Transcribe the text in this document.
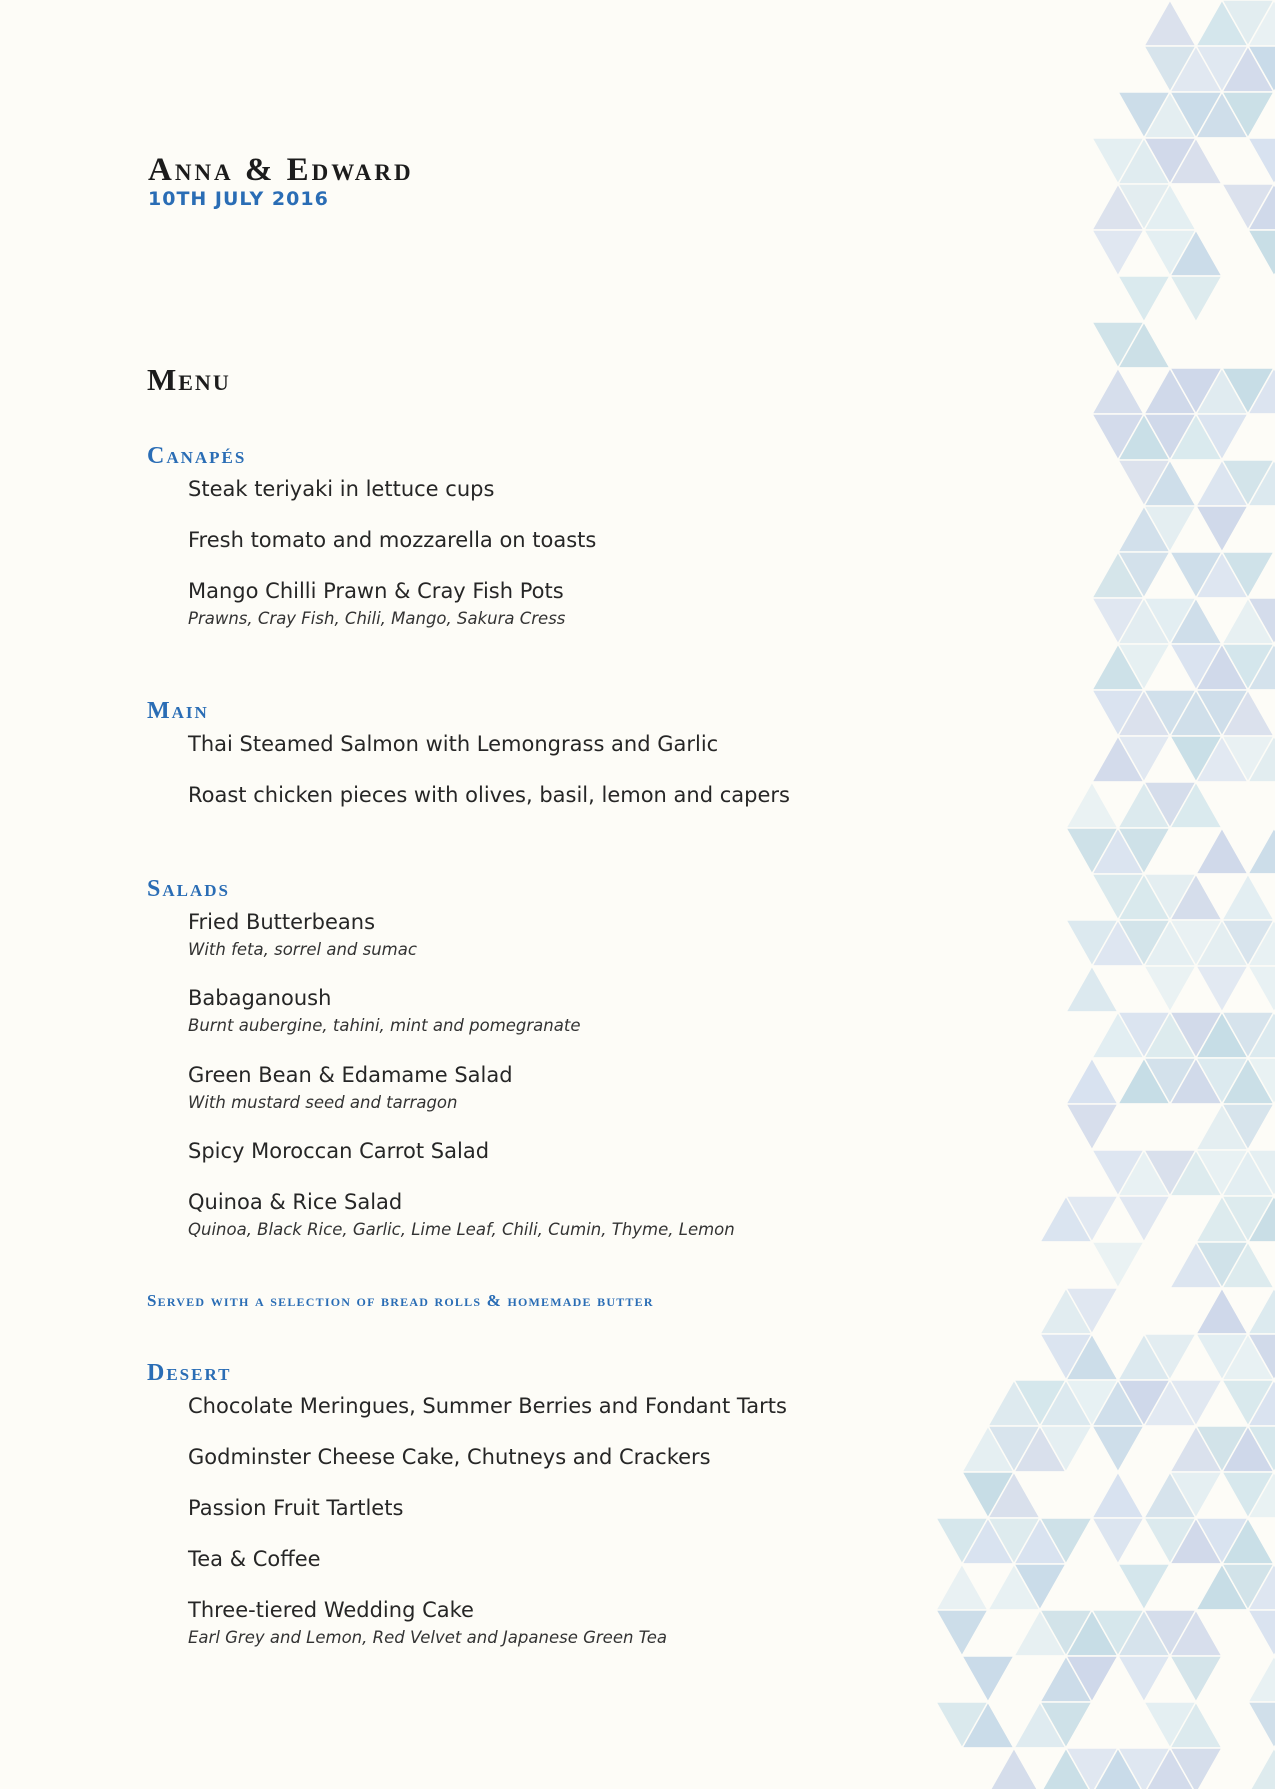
Anna & Edward
10TH JULY 2016
Menu
Canapés
Steak teriyaki in lettuce cups
Fresh tomato and mozzarella on toasts
Mango Chilli Prawn & Cray Fish Pots
Prawns, Cray Fish, Chili, Mango, Sakura Cress
Main
Thai Steamed Salmon with Lemongrass and Garlic
Roast chicken pieces with olives, basil, lemon and capers
Salads
Fried Butterbeans
With feta, sorrel and sumac
Babaganoush
Burnt aubergine, tahini, mint and pomegranate
Green Bean & Edamame Salad
With mustard seed and tarragon
Spicy Moroccan Carrot Salad
Quinoa & Rice Salad
Quinoa, Black Rice, Garlic, Lime Leaf, Chili, Cumin, Thyme, Lemon
Served with a selection of bread rolls & homemade butter
Desert
Chocolate Meringues, Summer Berries and Fondant Tarts
Godminster Cheese Cake, Chutneys and Crackers
Passion Fruit Tartlets
Tea & Coffee
Three-tiered Wedding Cake
Earl Grey and Lemon, Red Velvet and Japanese Green Tea
